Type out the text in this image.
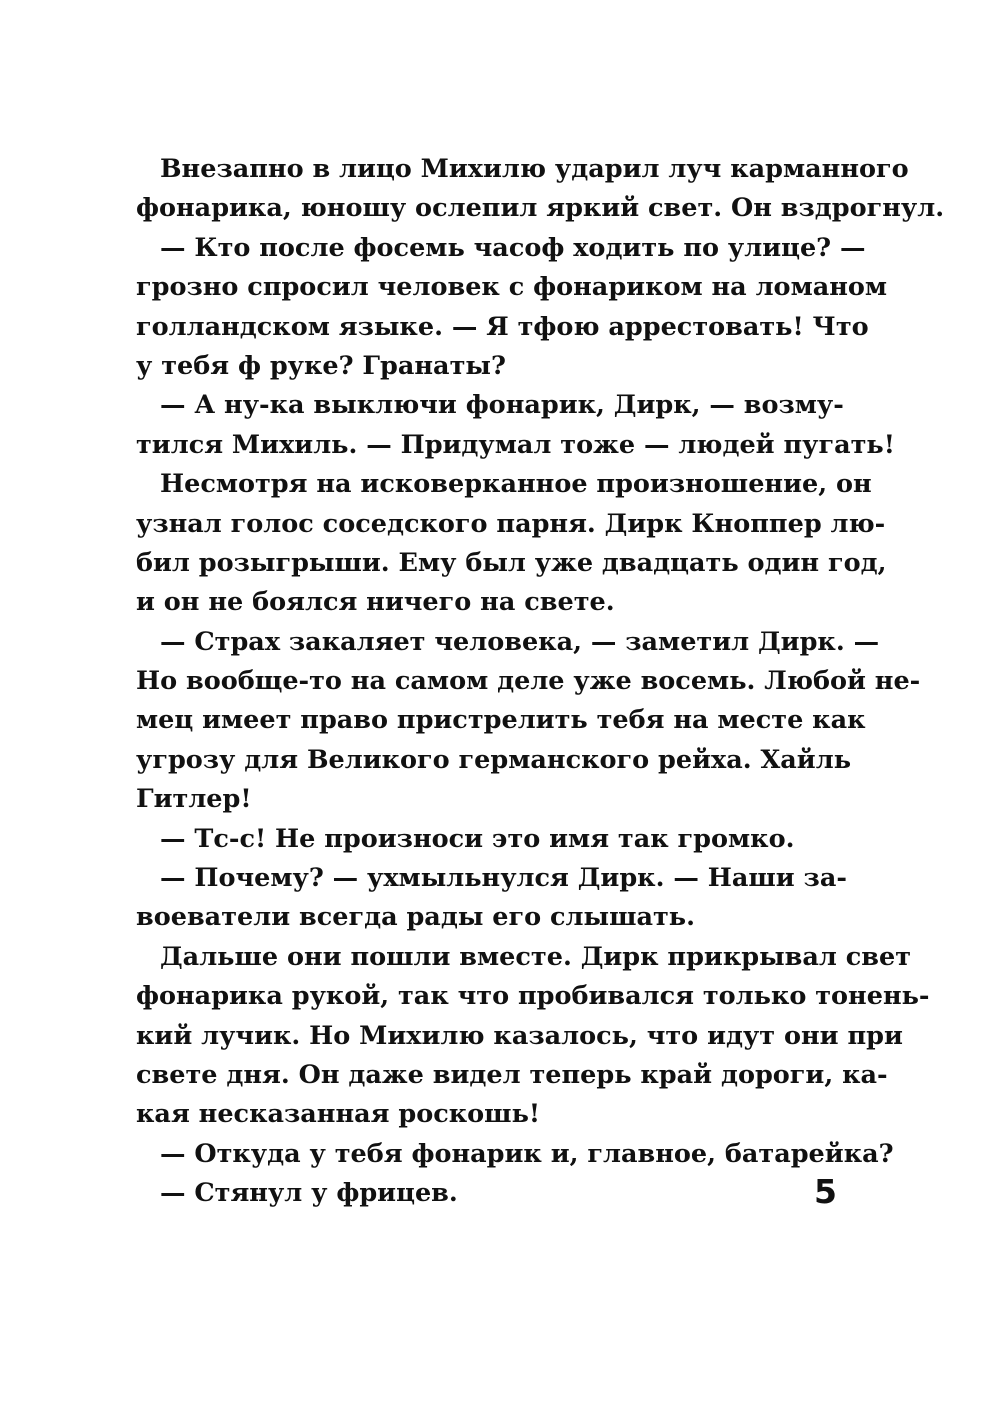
Внезапно в лицо Михилю ударил луч карманного
фонарика, юношу ослепил яркий свет. Он вздрогнул.
— Кто после фосемь часоф ходить по улице? —
грозно спросил человек с фонариком на ломаном
голландском языке. — Я тфою аррестовать! Что
у тебя ф руке? Гранаты?
— А ну-ка выключи фонарик, Дирк, — возму-
тился Михиль. — Придумал тоже — людей пугать!
Несмотря на исковерканное произношение, он
узнал голос соседского парня. Дирк Кноппер лю-
бил розыгрыши. Ему был уже двадцать один год,
и он не боялся ничего на свете.
— Страх закаляет человека, — заметил Дирк. —
Но вообще-то на самом деле уже восемь. Любой не-
мец имеет право пристрелить тебя на месте как
угрозу для Великого германского рейха. Хайль
Гитлер!
— Тс-с! Не произноси это имя так громко.
— Почему? — ухмыльнулся Дирк. — Наши за-
воеватели всегда рады его слышать.
Дальше они пошли вместе. Дирк прикрывал свет
фонарика рукой, так что пробивался только тонень-
кий лучик. Но Михилю казалось, что идут они при
свете дня. Он даже видел теперь край дороги, ка-
кая несказанная роскошь!
— Откуда у тебя фонарик и, главное, батарейка?
— Стянул у фрицев.	5
